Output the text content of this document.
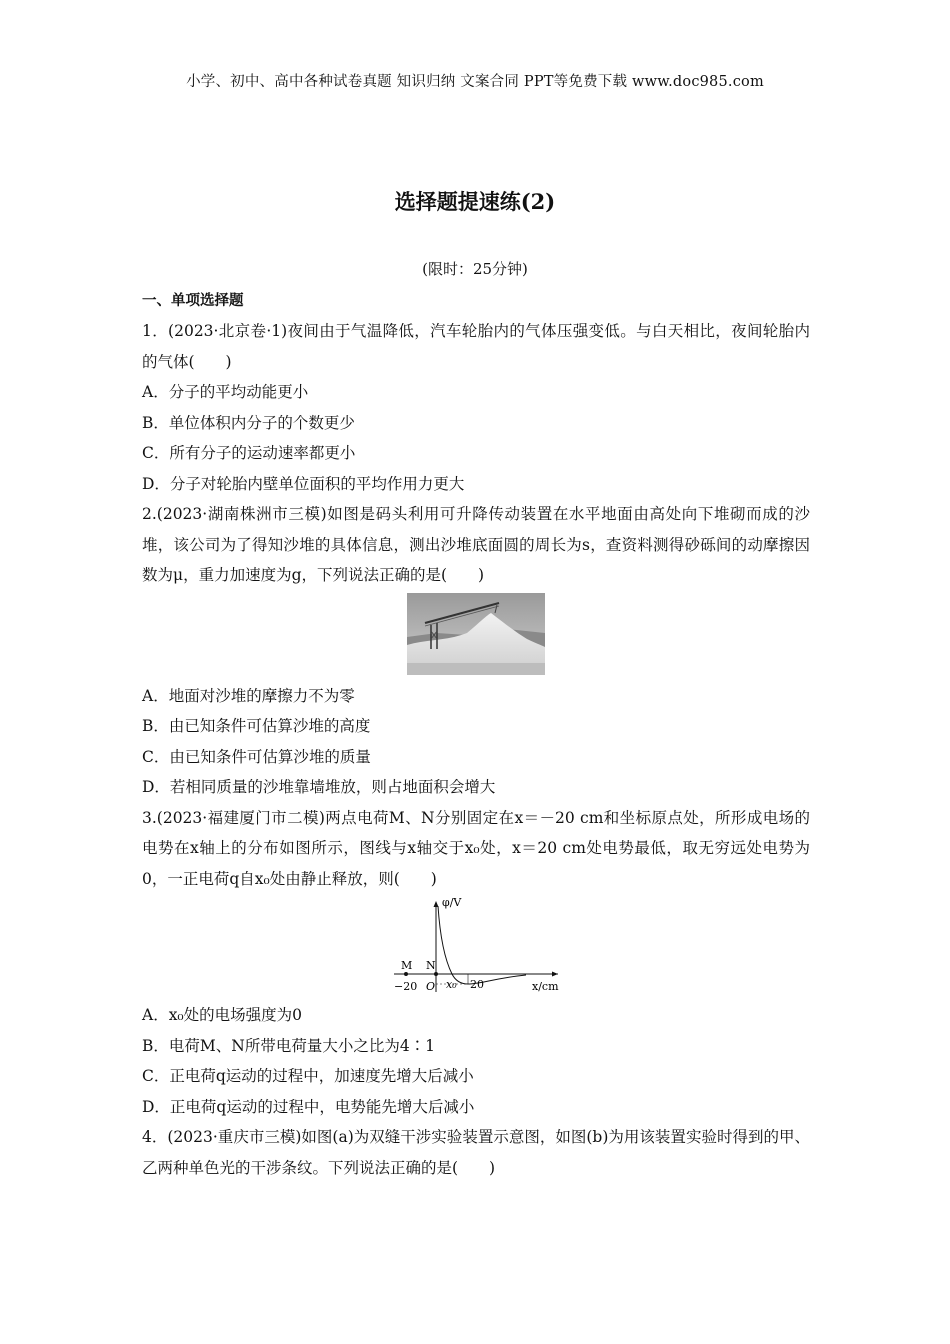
小学、初中、高中各种试卷真题 知识归纳 文案合同 PPT等免费下载 www.doc985.com
选择题提速练(2)
(限时：25分钟)
一、单项选择题
1．(2023·北京卷·1)夜间由于气温降低，汽车轮胎内的气体压强变低。与白天相比，夜间轮胎内的气体(　　)
A．分子的平均动能更小
B．单位体积内分子的个数更少
C．所有分子的运动速率都更小
D．分子对轮胎内壁单位面积的平均作用力更大
2.(2023·湖南株洲市三模)如图是码头利用可升降传动装置在水平地面由高处向下堆砌而成的沙堆，该公司为了得知沙堆的具体信息，测出沙堆底面圆的周长为s，查资料测得砂砾间的动摩擦因数为μ，重力加速度为g，下列说法正确的是(　　)
A．地面对沙堆的摩擦力不为零
B．由已知条件可估算沙堆的高度
C．由已知条件可估算沙堆的质量
D．若相同质量的沙堆靠墙堆放，则占地面积会增大
3.(2023·福建厦门市二模)两点电荷M、N分别固定在x＝－20 cm和坐标原点处，所形成电场的电势在x轴上的分布如图所示，图线与x轴交于x₀处，x＝20 cm处电势最低，取无穷远处电势为0，一正电荷q自x₀处由静止释放，则(　　)
φ/V
x/cm
M N
O
−20	x₀ 20
A．x₀处的电场强度为0
B．电荷M、N所带电荷量大小之比为4∶1
C．正电荷q运动的过程中，加速度先增大后减小
D．正电荷q运动的过程中，电势能先增大后减小
4．(2023·重庆市三模)如图(a)为双缝干涉实验装置示意图，如图(b)为用该装置实验时得到的甲、乙两种单色光的干涉条纹。下列说法正确的是(　　)
